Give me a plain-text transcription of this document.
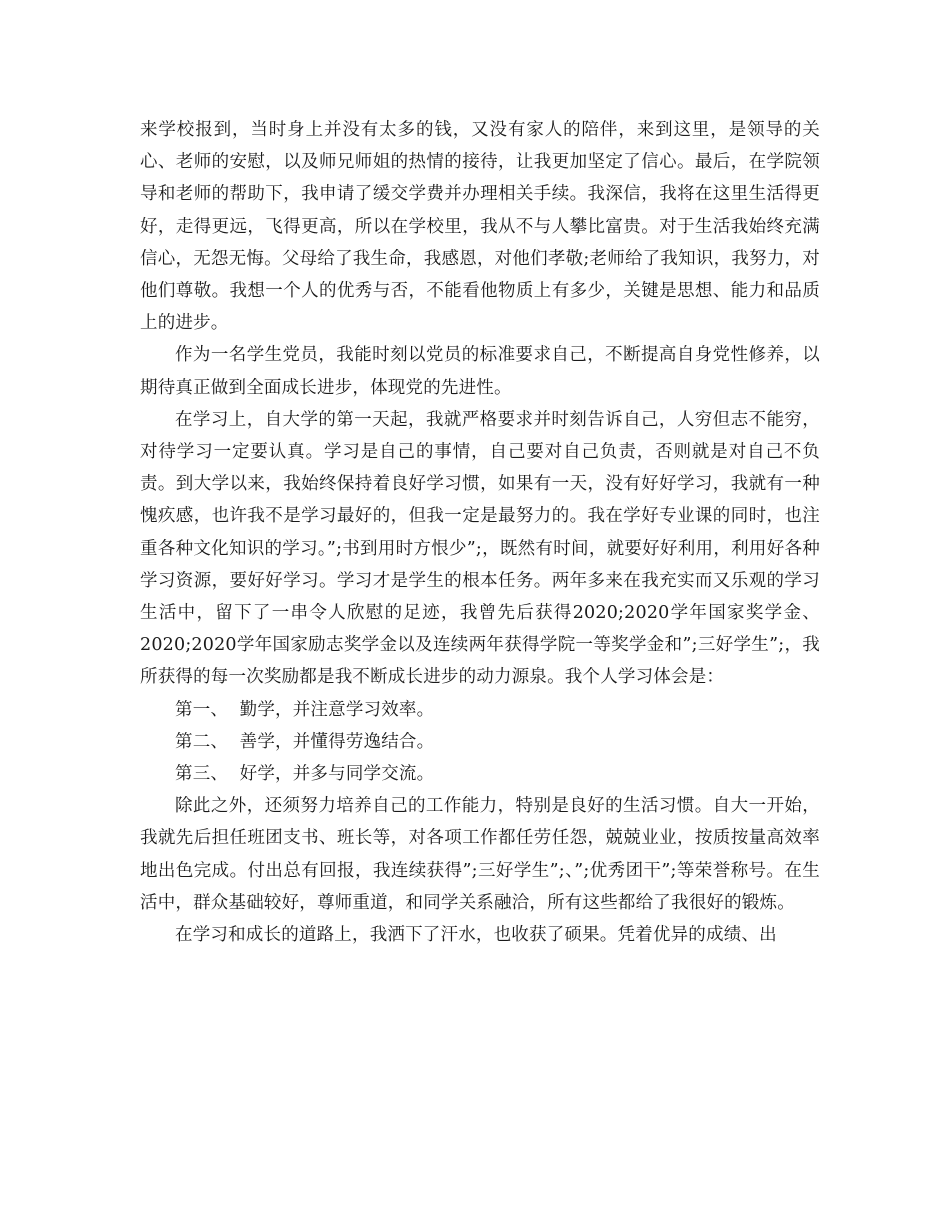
来学校报到，当时身上并没有太多的钱，又没有家人的陪伴，来到这里，是领导的关心、老师的安慰，以及师兄师姐的热情的接待，让我更加坚定了信心。最后，在学院领导和老师的帮助下，我申请了缓交学费并办理相关手续。我深信，我将在这里生活得更好，走得更远，飞得更高，所以在学校里，我从不与人攀比富贵。对于生活我始终充满信心，无怨无悔。父母给了我生命，我感恩，对他们孝敬;老师给了我知识，我努力，对他们尊敬。我想一个人的优秀与否，不能看他物质上有多少，关键是思想、能力和品质上的进步。

作为一名学生党员，我能时刻以党员的标准要求自己，不断提高自身党性修养，以期待真正做到全面成长进步，体现党的先进性。

在学习上，自大学的第一天起，我就严格要求并时刻告诉自己，人穷但志不能穷，对待学习一定要认真。学习是自己的事情，自己要对自己负责，否则就是对自己不负责。到大学以来，我始终保持着良好学习惯，如果有一天，没有好好学习，我就有一种愧疚感，也许我不是学习最好的，但我一定是最努力的。我在学好专业课的同时，也注重各种文化知识的学习。”;书到用时方恨少”;，既然有时间，就要好好利用，利用好各种学习资源，要好好学习。学习才是学生的根本任务。两年多来在我充实而又乐观的学习生活中，留下了一串令人欣慰的足迹，我曾先后获得2020;2020学年国家奖学金、2020;2020学年国家励志奖学金以及连续两年获得学院一等奖学金和”;三好学生”;，我所获得的每一次奖励都是我不断成长进步的动力源泉。我个人学习体会是：

第一、  勤学，并注意学习效率。

第二、  善学，并懂得劳逸结合。

第三、  好学，并多与同学交流。

除此之外，还须努力培养自己的工作能力，特别是良好的生活习惯。自大一开始，我就先后担任班团支书、班长等，对各项工作都任劳任怨，兢兢业业，按质按量高效率地出色完成。付出总有回报，我连续获得”;三好学生”;、”;优秀团干”;等荣誉称号。在生活中，群众基础较好，尊师重道，和同学关系融洽，所有这些都给了我很好的锻炼。

在学习和成长的道路上，我洒下了汗水，也收获了硕果。凭着优异的成绩、出
